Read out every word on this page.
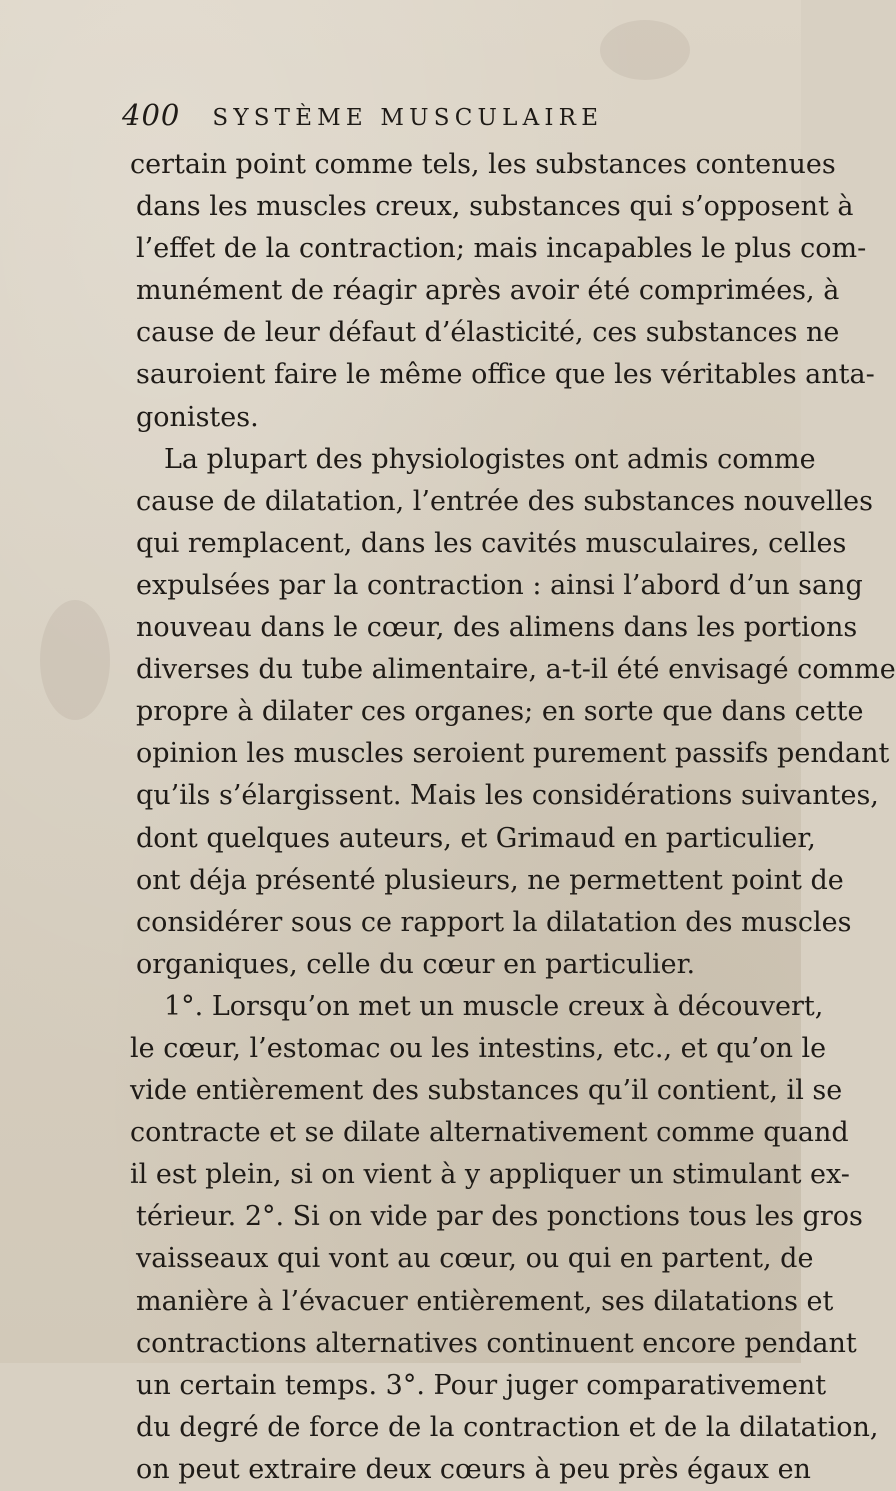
400 SYSTÈME MUSCULAIRE
certain point comme tels, les substances contenues
dans les muscles creux, substances qui s’opposent à
l’effet de la contraction; mais incapables le plus com-
munément de réagir après avoir été comprimées, à
cause de leur défaut d’élasticité, ces substances ne
sauroient faire le même office que les véritables anta-
gonistes.
La plupart des physiologistes ont admis comme
cause de dilatation, l’entrée des substances nouvelles
qui remplacent, dans les cavités musculaires, celles
expulsées par la contraction : ainsi l’abord d’un sang
nouveau dans le cœur, des alimens dans les portions
diverses du tube alimentaire, a-t-il été envisagé comme
propre à dilater ces organes; en sorte que dans cette
opinion les muscles seroient purement passifs pendant
qu’ils s’élargissent. Mais les considérations suivantes,
dont quelques auteurs, et Grimaud en particulier,
ont déja présenté plusieurs, ne permettent point de
considérer sous ce rapport la dilatation des muscles
organiques, celle du cœur en particulier.
1°. Lorsqu’on met un muscle creux à découvert,
le cœur, l’estomac ou les intestins, etc., et qu’on le
vide entièrement des substances qu’il contient, il se
contracte et se dilate alternativement comme quand
il est plein, si on vient à y appliquer un stimulant ex-
térieur. 2°. Si on vide par des ponctions tous les gros
vaisseaux qui vont au cœur, ou qui en partent, de
manière à l’évacuer entièrement, ses dilatations et
contractions alternatives continuent encore pendant
un certain temps. 3°. Pour juger comparativement
du degré de force de la contraction et de la dilatation,
on peut extraire deux cœurs à peu près égaux en
